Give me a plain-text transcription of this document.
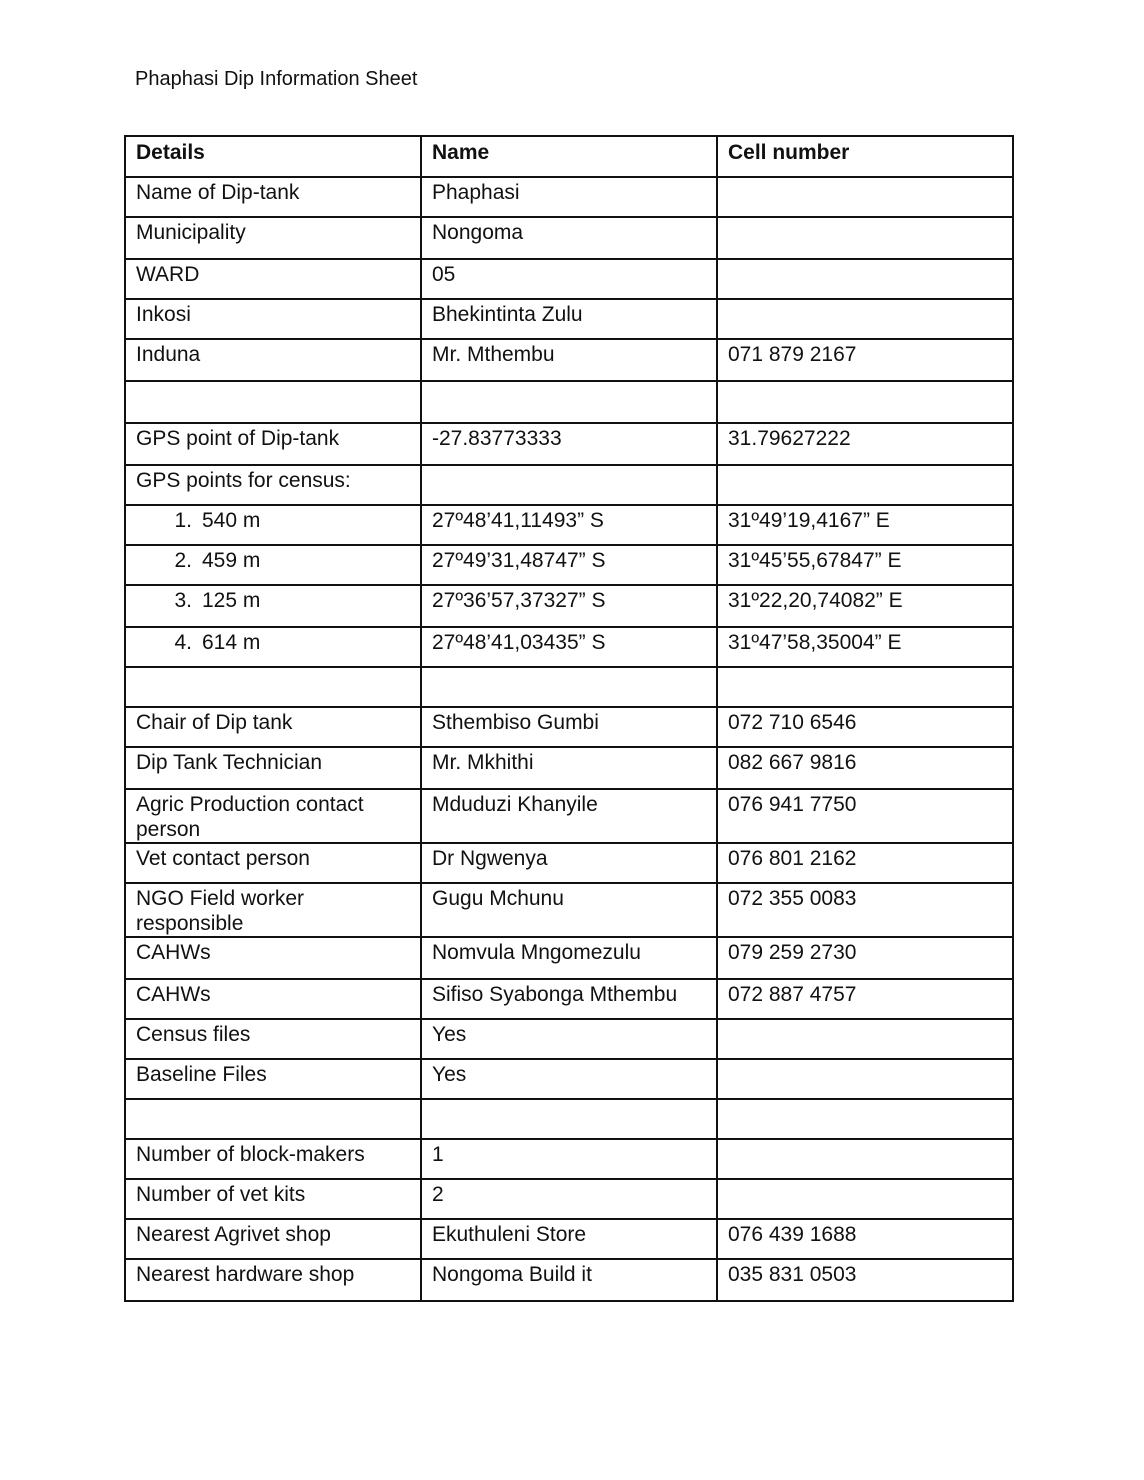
Phaphasi Dip Information Sheet
Details	Name	Cell number
Name of Dip-tank	Phaphasi	
Municipality	Nongoma	
WARD	05	
Inkosi	Bhekintinta Zulu	
Induna	Mr. Mthembu	071 879 2167

GPS point of Dip-tank	-27.83773333	31.79627222
GPS points for census:		
1. 540 m	27º48’41,11493” S	31º49’19,4167” E
2. 459 m	27º49’31,48747” S	31º45’55,67847” E
3. 125 m	27º36’57,37327” S	31º22,20,74082” E
4. 614 m	27º48’41,03435” S	31º47’58,35004” E

Chair of Dip tank	Sthembiso Gumbi	072 710 6546
Dip Tank Technician	Mr. Mkhithi	082 667 9816
Agric Production contact person	Mduduzi Khanyile	076 941 7750
Vet contact person	Dr Ngwenya	076 801 2162
NGO Field worker responsible	Gugu Mchunu	072 355 0083
CAHWs	Nomvula Mngomezulu	079 259 2730
CAHWs	Sifiso Syabonga Mthembu	072 887 4757
Census files	Yes	
Baseline Files	Yes	

Number of block-makers	1	
Number of vet kits	2	
Nearest Agrivet shop	Ekuthuleni Store	076 439 1688
Nearest hardware shop	Nongoma Build it	035 831 0503
